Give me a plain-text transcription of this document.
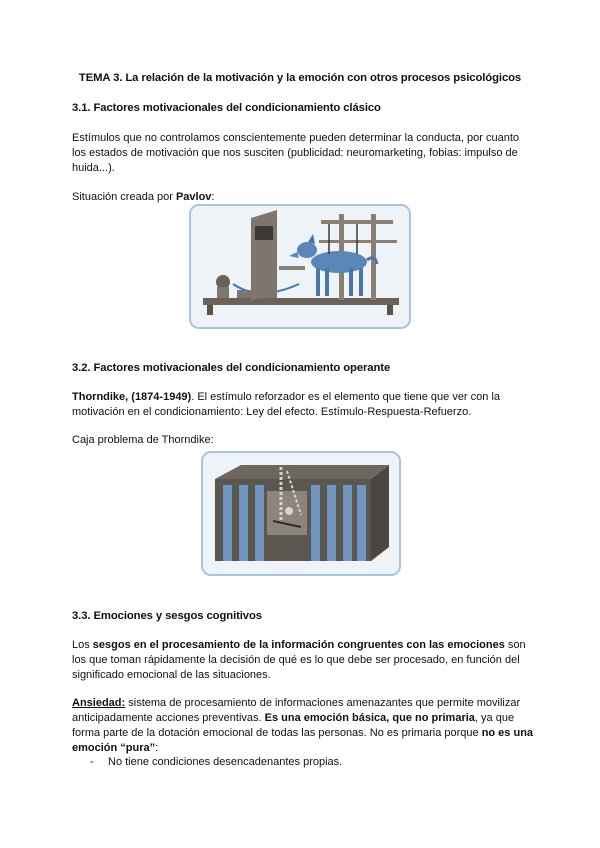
TEMA 3. La relación de la motivación y la emoción con otros procesos psicológicos
3.1. Factores motivacionales del condicionamiento clásico
Estímulos que no controlamos conscientemente pueden determinar la conducta, por cuanto los estados de motivación que nos susciten (publicidad: neuromarketing, fobias: impulso de huida...).
Situación creada por Pavlov:
3.2. Factores motivacionales del condicionamiento operante
Thorndike, (1874-1949). El estímulo reforzador es el elemento que tiene que ver con la motivación en el condicionamiento: Ley del efecto. Estímulo-Respuesta-Refuerzo.
Caja problema de Thorndike:
3.3. Emociones y sesgos cognitivos
Los sesgos en el procesamiento de la información congruentes con las emociones son los que toman rápidamente la decisión de qué es lo que debe ser procesado, en función del significado emocional de las situaciones.
Ansiedad: sistema de procesamiento de informaciones amenazantes que permite movilizar anticipadamente acciones preventivas. Es una emoción básica, que no primaria, ya que forma parte de la dotación emocional de todas las personas. No es primaria porque no es una emoción “pura”:
- No tiene condiciones desencadenantes propias.
